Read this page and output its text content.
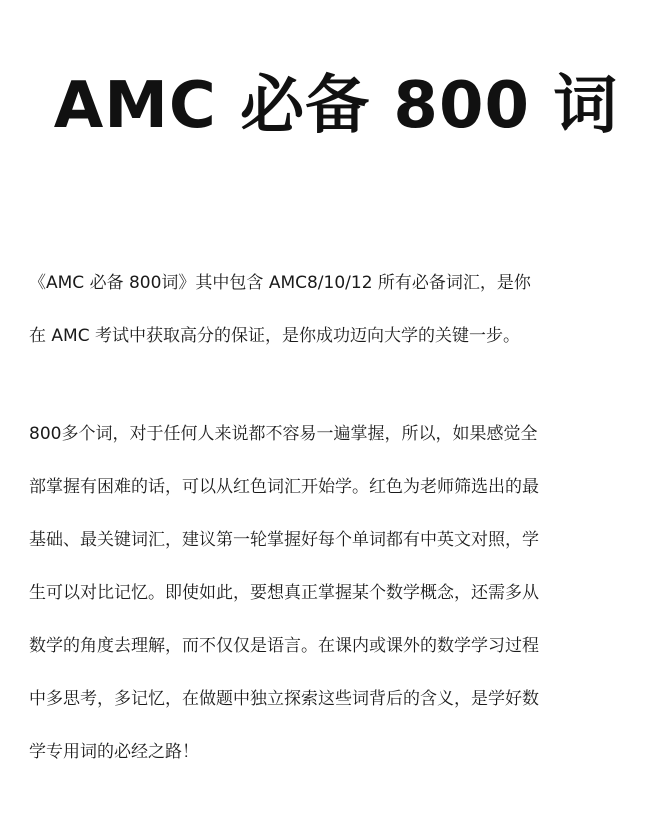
AMC 必备 800 词
《AMC 必备 800词》其中包含 AMC8/10/12 所有必备词汇，是你
在 AMC 考试中获取高分的保证，是你成功迈向大学的关键一步。
800多个词，对于任何人来说都不容易一遍掌握，所以，如果感觉全
部掌握有困难的话，可以从红色词汇开始学。红色为老师筛选出的最
基础、最关键词汇，建议第一轮掌握好每个单词都有中英文对照，学
生可以对比记忆。即使如此，要想真正掌握某个数学概念，还需多从
数学的角度去理解，而不仅仅是语言。在课内或课外的数学学习过程
中多思考，多记忆，在做题中独立探索这些词背后的含义，是学好数
学专用词的必经之路！
